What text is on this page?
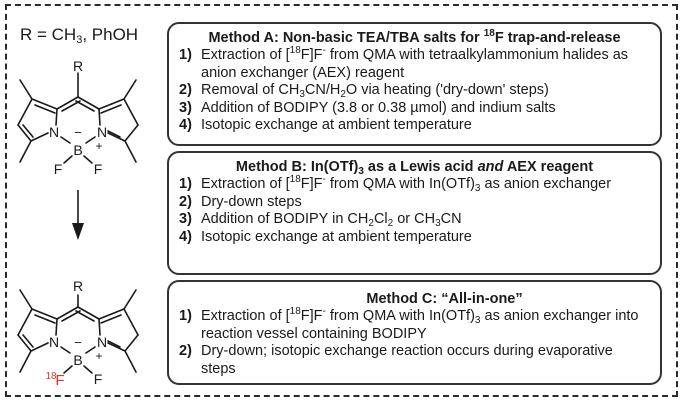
$R = CH_3$, PhOH
R
N	N
B
−
+
F F
R
N	N
B
−
+
18
F F
Method A: Non-basic TEA/TBA salts for $^{18}$F trap-and-release
1) Extraction of [$^{18}$F]F- from QMA with tetraalkylammonium halides as anion exchanger (AEX) reagent
2) Removal of $CH_3CN/H_2O$ via heating ('dry-down' steps)
3) Addition of BODIPY (3.8 or 0.38 µmol) and indium salts
4) Isotopic exchange at ambient temperature
Method B: $In(OTf)_3$ as a Lewis acid and AEX reagent
1) Extraction of [$^{18}$F]F- from QMA with $In(OTf)_3$ as anion exchanger
2) Dry-down steps
3) Addition of BODIPY in $CH_2Cl_2$ or $CH_3CN$
4) Isotopic exchange at ambient temperature
Method C: “All-in-one”
1) Extraction of [$^{18}$F]F- from QMA with $In(OTf)_3$ as anion exchanger into reaction vessel containing BODIPY
2) Dry-down; isotopic exchange reaction occurs during evaporative steps
